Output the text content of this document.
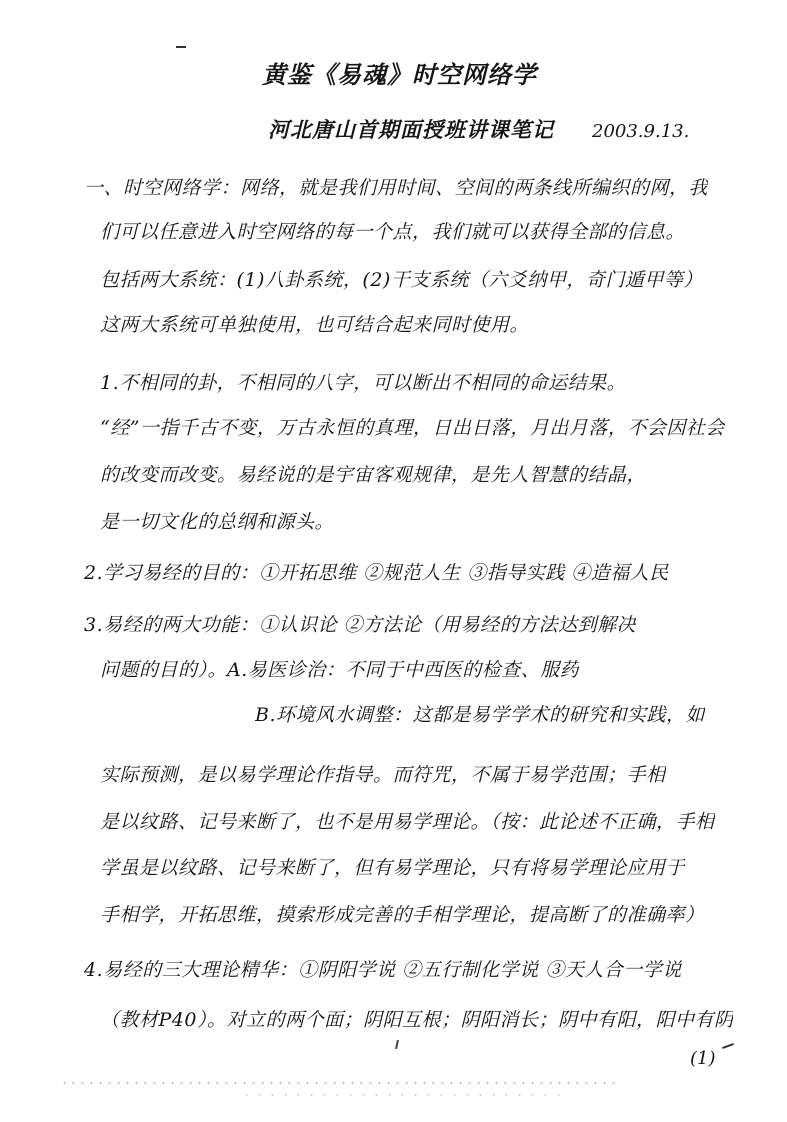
黄鉴《易魂》时空网络学
河北唐山首期面授班讲课笔记 2003.9.13.
一、时空网络学：网络，就是我们用时间、空间的两条线所编织的网，我
们可以任意进入时空网络的每一个点，我们就可以获得全部的信息。
包括两大系统：(1)八卦系统，(2)干支系统（六爻纳甲，奇门遁甲等）
这两大系统可单独使用，也可结合起来同时使用。
1.不相同的卦，不相同的八字，可以断出不相同的命运结果。
“经”一指千古不变，万古永恒的真理，日出日落，月出月落，不会因社会
的改变而改变。易经说的是宇宙客观规律，是先人智慧的结晶，
是一切文化的总纲和源头。
2.学习易经的目的：①开拓思维 ②规范人生 ③指导实践 ④造福人民
3.易经的两大功能：①认识论 ②方法论（用易经的方法达到解决
问题的目的）。A.易医诊治：不同于中西医的检查、服药
B.环境风水调整：这都是易学学术的研究和实践，如
实际预测，是以易学理论作指导。而符咒，不属于易学范围；手相
是以纹路、记号来断了，也不是用易学理论。（按：此论述不正确，手相
学虽是以纹路、记号来断了，但有易学理论，只有将易学理论应用于
手相学，开拓思维，摸索形成完善的手相学理论，提高断了的准确率）
4.易经的三大理论精华：①阴阳学说 ②五行制化学说 ③天人合一学说
（教材P40）。对立的两个面；阴阳互根；阴阳消长；阴中有阳，阳中有阴
(1)
